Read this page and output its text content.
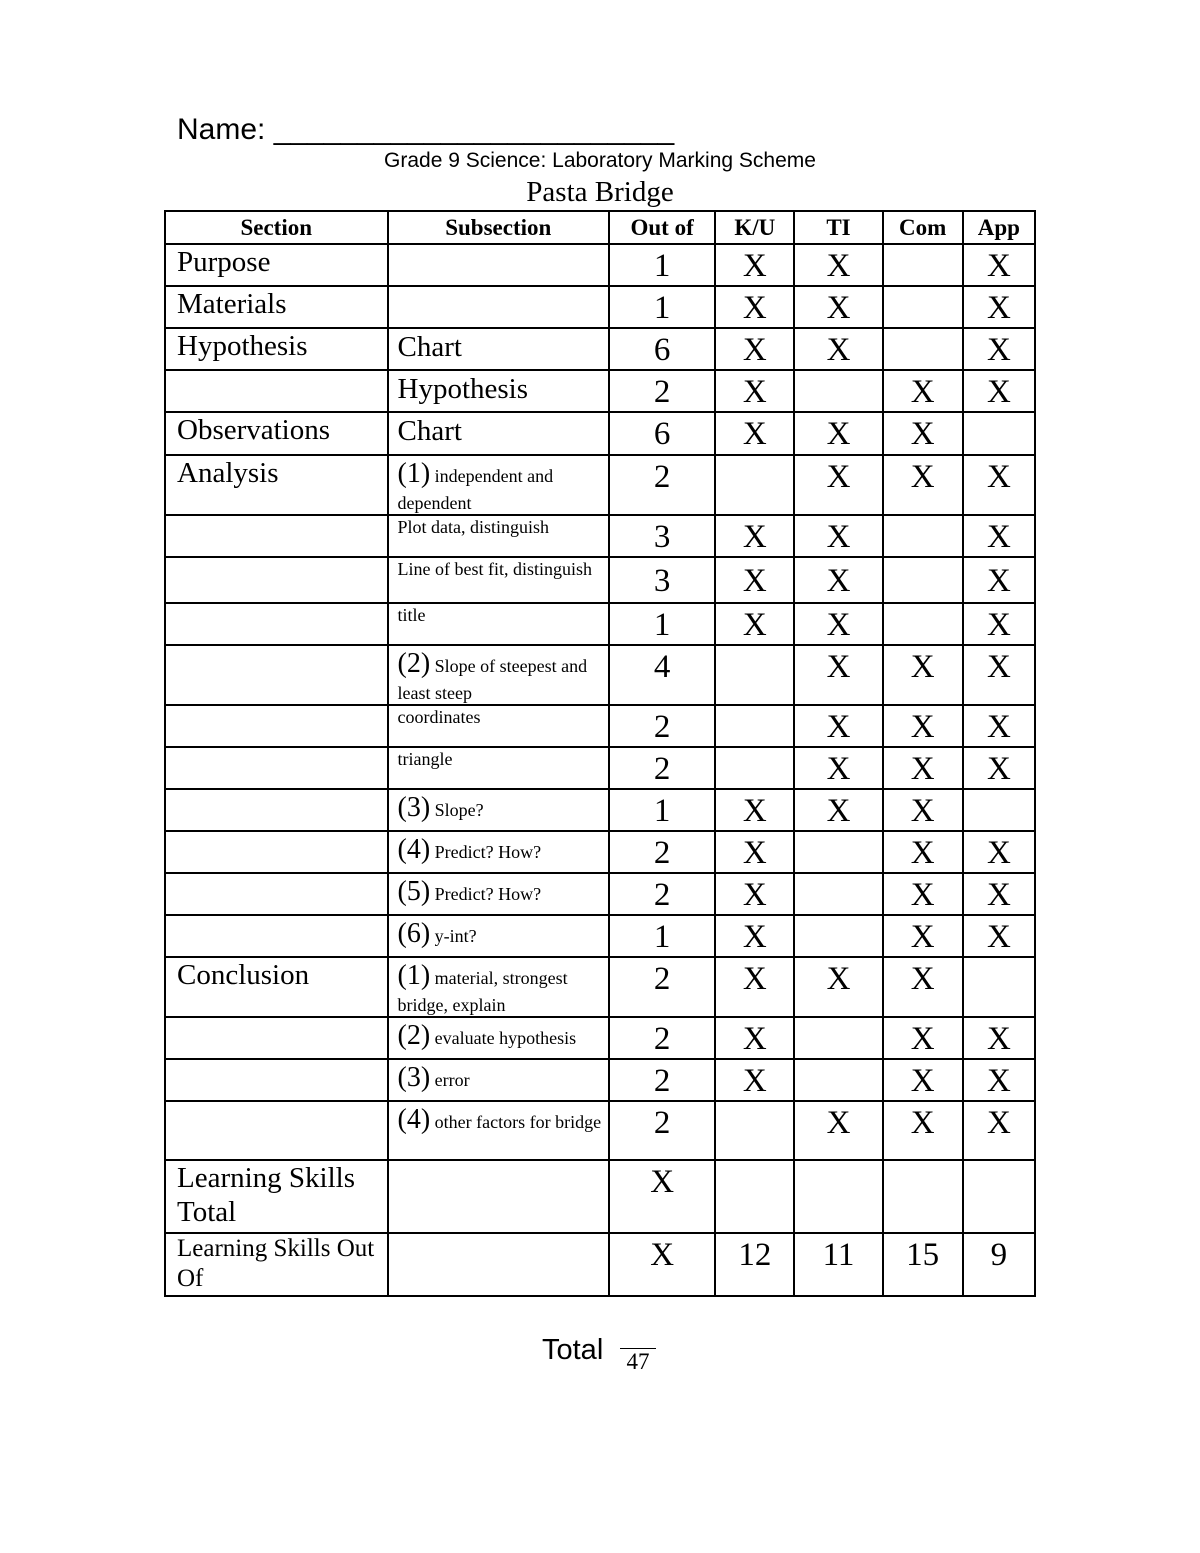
Name: ________________________
Grade 9 Science: Laboratory Marking Scheme
Pasta Bridge
Section	Subsection	Out of	K/U	TI	Com	App
Purpose		1	X	X		X
Materials		1	X	X		X
Hypothesis	Chart	6	X	X		X
	Hypothesis	2	X		X	X
Observations	Chart	6	X	X	X	
Analysis	(1) independent and dependent	2		X	X	X
	Plot data, distinguish	3	X	X		X
	Line of best fit, distinguish	3	X	X		X
	title	1	X	X		X
	(2) Slope of steepest and least steep	4		X	X	X
	coordinates	2		X	X	X
	triangle	2		X	X	X
	(3) Slope?	1	X	X	X	
	(4) Predict? How?	2	X		X	X
	(5) Predict? How?	2	X		X	X
	(6) y-int?	1	X		X	X
Conclusion	(1) material, strongest bridge, explain	2	X	X	X	
	(2) evaluate hypothesis	2	X		X	X
	(3) error	2	X		X	X
	(4) other factors for bridge	2		X	X	X
Learning Skills Total		X				
Learning Skills Out Of		X	12	11	15	9
Total 47
